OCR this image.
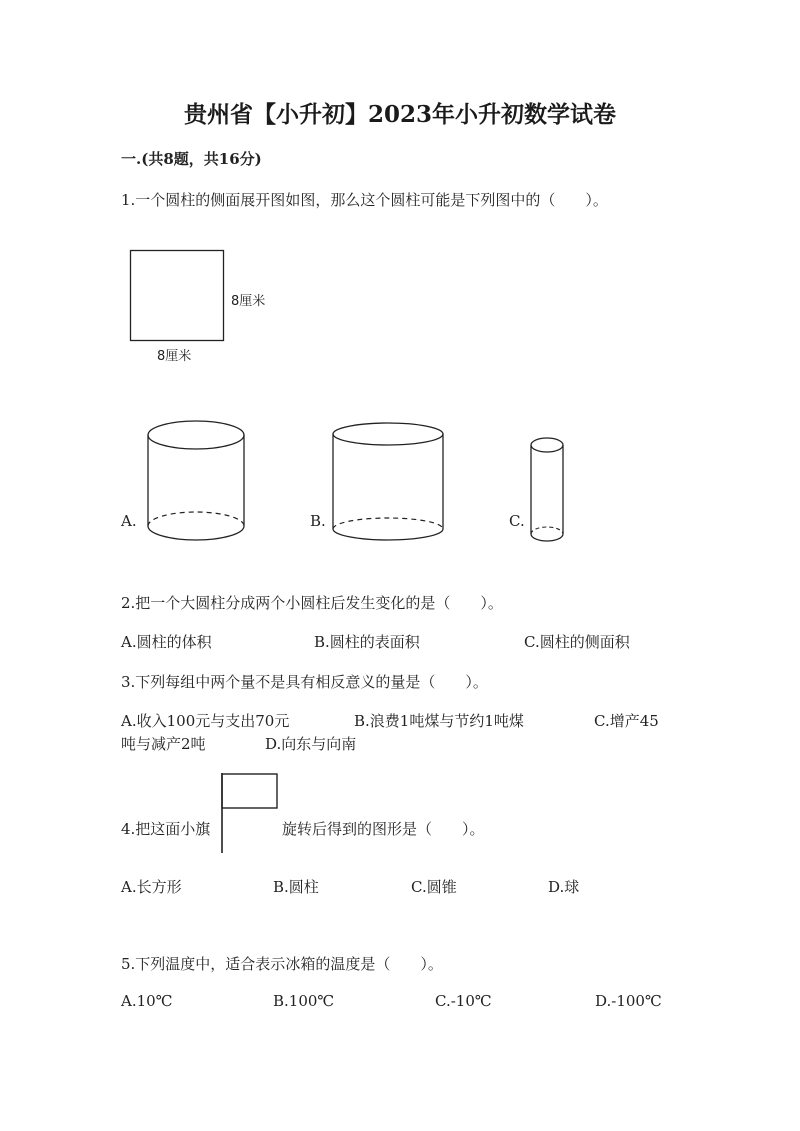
贵州省【小升初】2023年小升初数学试卷
一.(共8题，共16分)
1.一个圆柱的侧面展开图如图，那么这个圆柱可能是下列图中的（　　）。
8厘米
8厘米
A.	B.	C.
2.把一个大圆柱分成两个小圆柱后发生变化的是（　　）。
A.圆柱的体积	B.圆柱的表面积	C.圆柱的侧面积
3.下列每组中两个量不是具有相反意义的量是（　　）。
A.收入100元与支出70元	B.浪费1吨煤与节约1吨煤	C.增产45
吨与减产2吨	D.向东与向南
4.把这面小旗	旋转后得到的图形是（　　）。
A.长方形	B.圆柱	C.圆锥	D.球
5.下列温度中，适合表示冰箱的温度是（　　）。
A.10℃	B.100℃	C.-10℃	D.-100℃
